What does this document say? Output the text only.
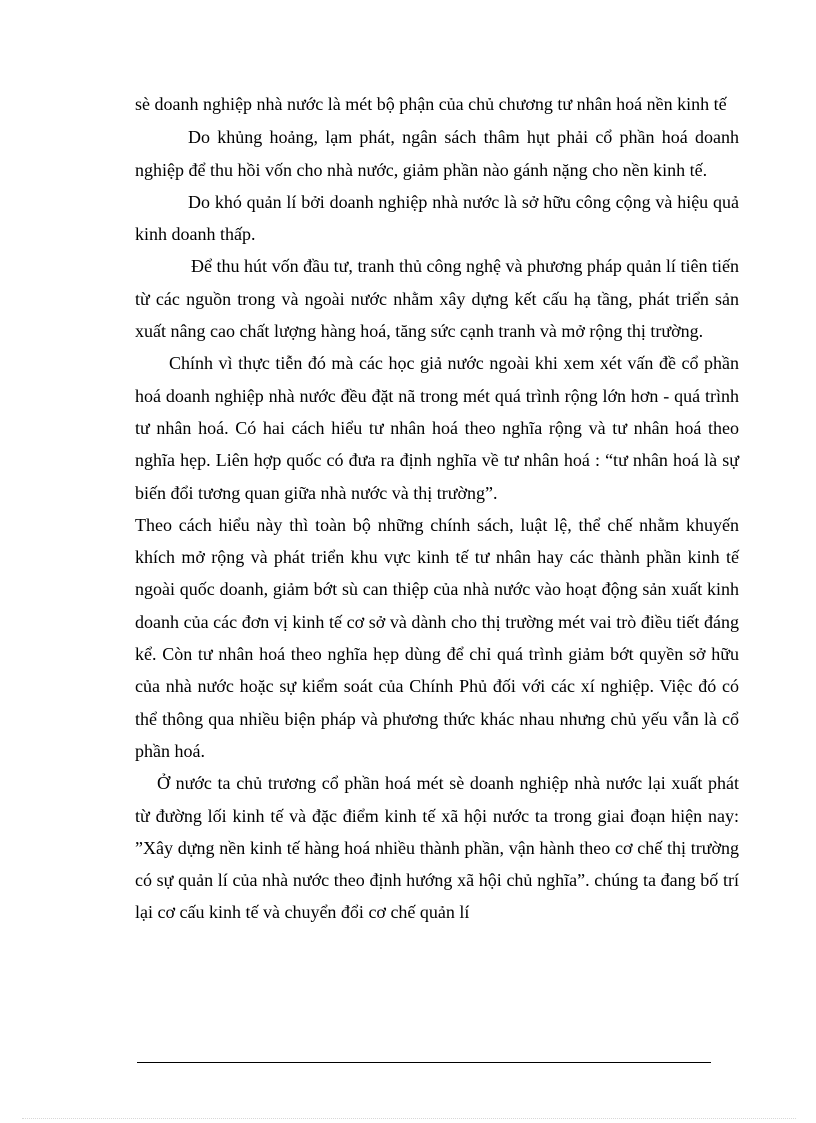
sè doanh nghiệp nhà nước là mét bộ phận của chủ chương tư nhân hoá nền kinh tế

Do khủng hoảng, lạm phát, ngân sách thâm hụt phải cổ phần hoá doanh nghiệp để thu hồi vốn cho nhà nước, giảm phần nào gánh nặng cho nền kinh tế.

Do khó quản lí bởi doanh nghiệp nhà nước là sở hữu công cộng và hiệu quả kinh doanh thấp.

Để thu hút vốn đầu tư, tranh thủ công nghệ và phương pháp quản lí tiên tiến từ các nguồn trong và ngoài nước nhằm xây dựng kết cấu hạ tầng, phát triển sản xuất nâng cao chất lượng hàng hoá, tăng sức cạnh tranh và mở rộng thị trường.

Chính vì thực tiễn đó mà các học giả nước ngoài khi xem xét vấn đề cổ phần hoá doanh nghiệp nhà nước đều đặt nã trong mét quá trình rộng lớn hơn - quá trình tư nhân hoá. Có hai cách hiểu tư nhân hoá theo nghĩa rộng và tư nhân hoá theo nghĩa hẹp. Liên hợp quốc có đưa ra định nghĩa về tư nhân hoá : “tư nhân hoá là sự biến đổi tương quan giữa nhà nước và thị trường”.

Theo cách hiểu này thì toàn bộ những chính sách, luật lệ, thể chế nhằm khuyến khích mở rộng và phát triển khu vực kinh tế tư nhân hay các thành phần kinh tế ngoài quốc doanh, giảm bớt sù can thiệp của nhà nước vào hoạt động sản xuất kinh doanh của các đơn vị kinh tế cơ sở và dành cho thị trường mét vai trò điều tiết đáng kể. Còn tư nhân hoá theo nghĩa hẹp dùng để chỉ quá trình giảm bớt quyền sở hữu của nhà nước hoặc sự kiểm soát của Chính Phủ đối với các xí nghiệp. Việc đó có thể thông qua nhiều biện pháp và phương thức khác nhau nhưng chủ yếu vẫn là cổ phần hoá.

Ở nước ta chủ trương cổ phần hoá mét sè doanh nghiệp nhà nước lại xuất phát từ đường lối kinh tế và đặc điểm kinh tế xã hội nước ta trong giai đoạn hiện nay: ”Xây dựng nền kinh tế hàng hoá nhiều thành phần, vận hành theo cơ chế thị trường có sự quản lí của nhà nước theo định hướng xã hội chủ nghĩa”. chúng ta đang bố trí lại cơ cấu kinh tế và chuyển đổi cơ chế quản lí
